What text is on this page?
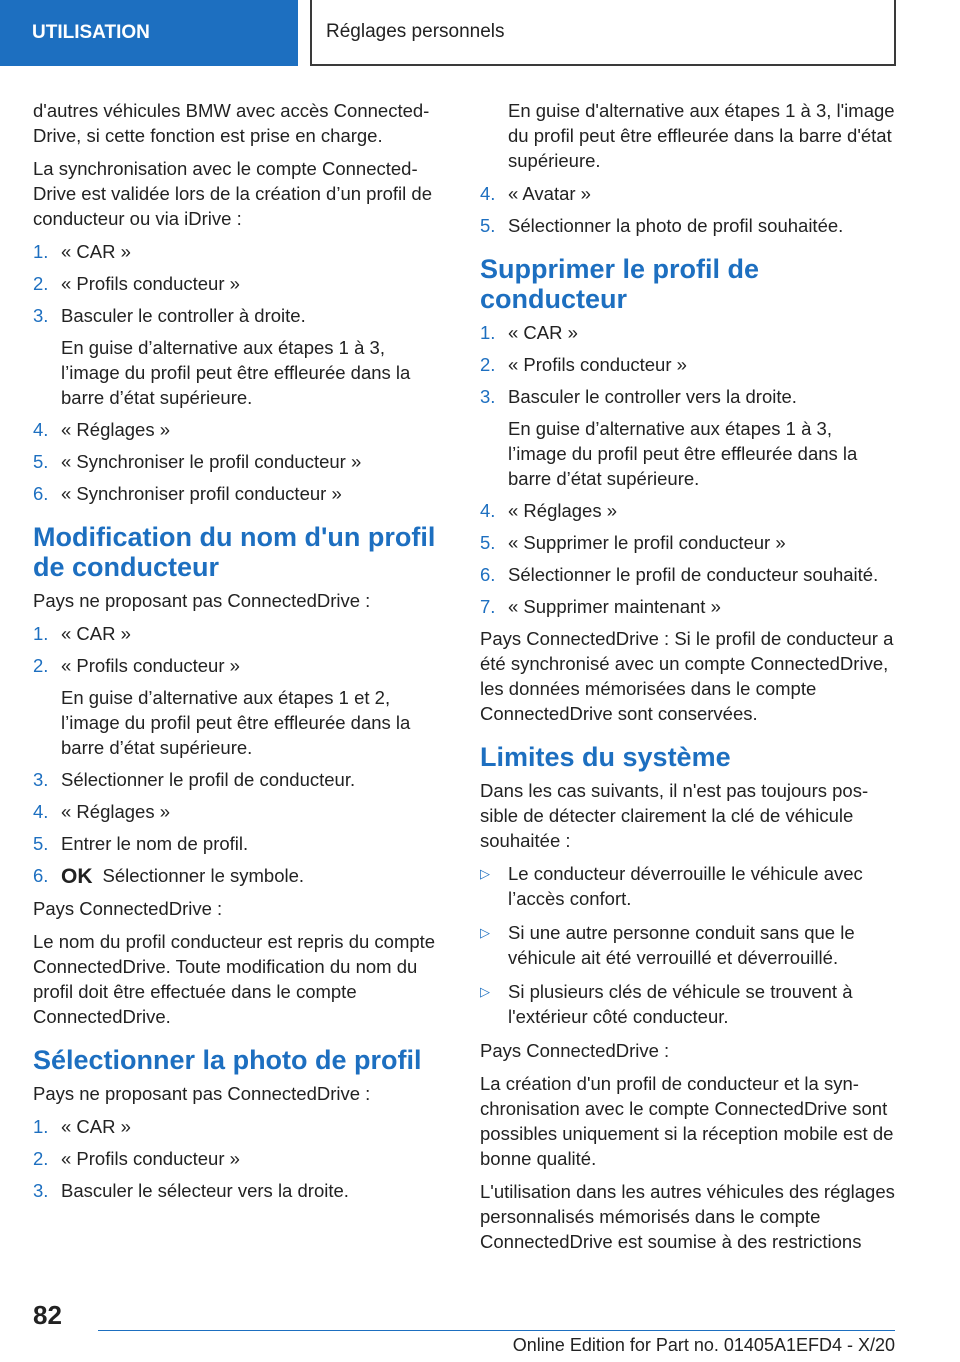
UTILISATION	Réglages personnels

d'autres véhicules BMW avec accès ConnectedDrive, si cette fonction est prise en charge.

La synchronisation avec le compte ConnectedDrive est validée lors de la création d’un profil de conducteur ou via iDrive :

1. « CAR »
2. « Profils conducteur »
3. Basculer le controller à droite.
En guise d’alternative aux étapes 1 à 3, l’image du profil peut être effleurée dans la barre d’état supérieure.
4. « Réglages »
5. « Synchroniser le profil conducteur »
6. « Synchroniser profil conducteur »
Modification du nom d'un profil de conducteur

Pays ne proposant pas ConnectedDrive :

1. « CAR »
2. « Profils conducteur »
En guise d’alternative aux étapes 1 et 2, l’image du profil peut être effleurée dans la barre d’état supérieure.
3. Sélectionner le profil de conducteur.
4. « Réglages »
5. Entrer le nom de profil.
6. OK Sélectionner le symbole.

Pays ConnectedDrive :

Le nom du profil conducteur est repris du compte ConnectedDrive. Toute modification du nom du profil doit être effectuée dans le compte ConnectedDrive.

Sélectionner la photo de profil

Pays ne proposant pas ConnectedDrive :

1. « CAR »
2. « Profils conducteur »
3. Basculer le sélecteur vers la droite.

En guise d'alternative aux étapes 1 à 3, l'image du profil peut être effleurée dans la barre d'état supérieure.

4. « Avatar »
5. Sélectionner la photo de profil souhaitée.
Supprimer le profil de conducteur
1. « CAR »
2. « Profils conducteur »
3. Basculer le controller vers la droite.
En guise d’alternative aux étapes 1 à 3, l’image du profil peut être effleurée dans la barre d’état supérieure.
4. « Réglages »
5. « Supprimer le profil conducteur »
6. Sélectionner le profil de conducteur souhaité.
7. « Supprimer maintenant »

Pays ConnectedDrive : Si le profil de conducteur a été synchronisé avec un compte ConnectedDrive, les données mémorisées dans le compte ConnectedDrive sont conservées.

Limites du système

Dans les cas suivants, il n'est pas toujours possible de détecter clairement la clé de véhicule souhaitée :

▷ Le conducteur déverrouille le véhicule avec l’accès confort.
▷ Si une autre personne conduit sans que le véhicule ait été verrouillé et déverrouillé.
▷ Si plusieurs clés de véhicule se trouvent à l'extérieur côté conducteur.

Pays ConnectedDrive :

La création d'un profil de conducteur et la synchronisation avec le compte ConnectedDrive sont possibles uniquement si la réception mobile est de bonne qualité.

L'utilisation dans les autres véhicules des réglages personnalisés mémorisés dans le compte ConnectedDrive est soumise à des restrictions

82
Online Edition for Part no. 01405A1EFD4 - X/20
